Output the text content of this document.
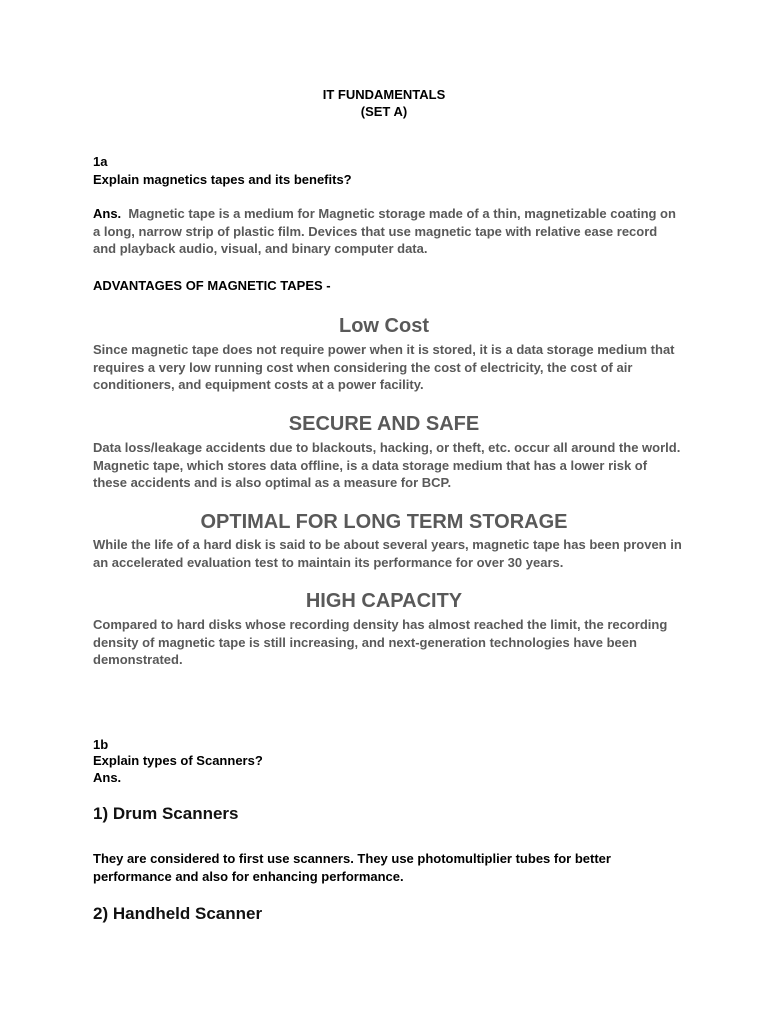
IT FUNDAMENTALS

(SET A)

1a

Explain magnetics tapes and its benefits?

Ans. Magnetic tape is a medium for Magnetic storage made of a thin, magnetizable coating on a long, narrow strip of plastic film. Devices that use magnetic tape with relative ease record and playback audio, visual, and binary computer data.

ADVANTAGES OF MAGNETIC TAPES -

Low Cost

Since magnetic tape does not require power when it is stored, it is a data storage medium that requires a very low running cost when considering the cost of electricity, the cost of air conditioners, and equipment costs at a power facility.

SECURE AND SAFE

Data loss/leakage accidents due to blackouts, hacking, or theft, etc. occur all around the world. Magnetic tape, which stores data offline, is a data storage medium that has a lower risk of these accidents and is also optimal as a measure for BCP.

OPTIMAL FOR LONG TERM STORAGE

While the life of a hard disk is said to be about several years, magnetic tape has been proven in an accelerated evaluation test to maintain its performance for over 30 years.

HIGH CAPACITY

Compared to hard disks whose recording density has almost reached the limit, the recording density of magnetic tape is still increasing, and next-generation technologies have been demonstrated.

1b

Explain types of Scanners?

Ans.

1) Drum Scanners

They are considered to first use scanners. They use photomultiplier tubes for better performance and also for enhancing performance.

2) Handheld Scanner
